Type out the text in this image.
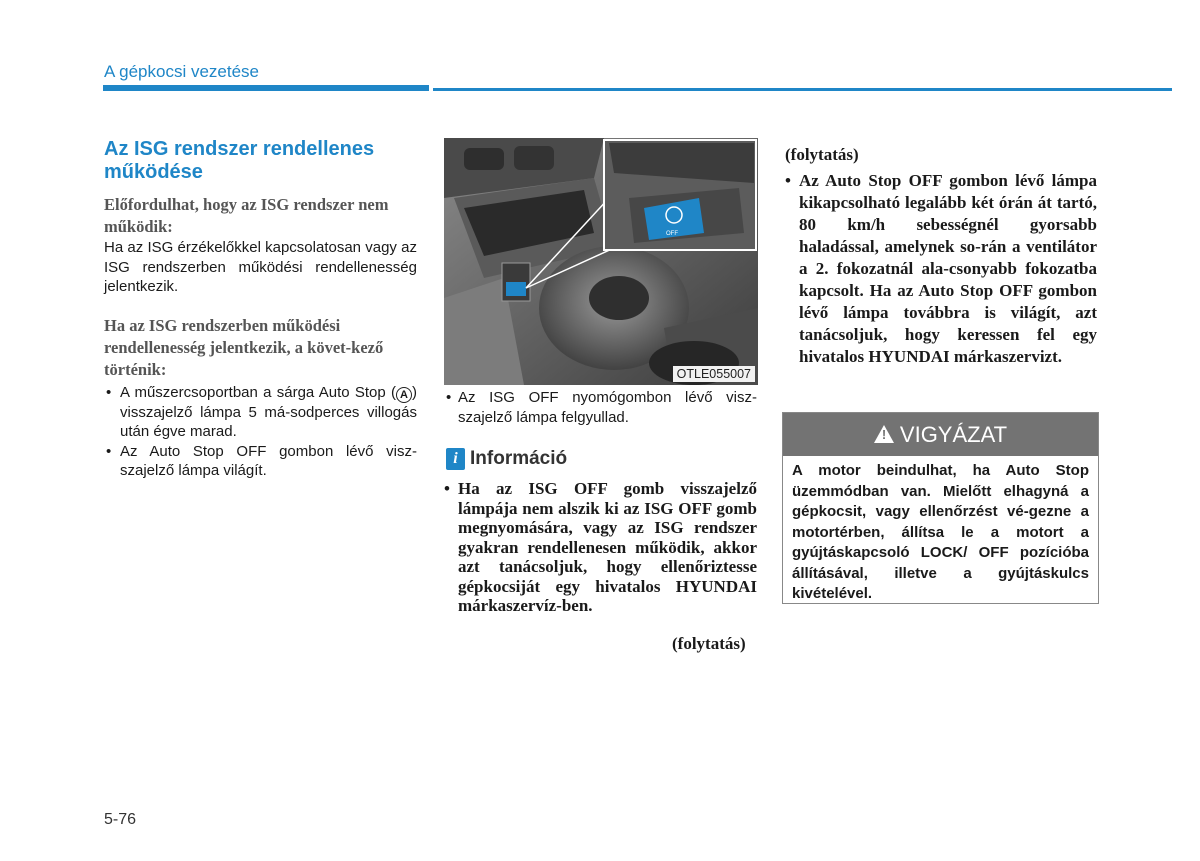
A gépkocsi vezetése
Az ISG rendszer rendellenes működése
Előfordulhat, hogy az ISG rendszer nem működik:
Ha az ISG érzékelőkkel kapcsolatosan vagy az ISG rendszerben működési rendellenesség jelentkezik.
Ha az ISG rendszerben működési rendellenesség jelentkezik, a követ-kező történik:
• A műszercsoportban a sárga Auto Stop ( A ) visszajelző lámpa 5 má-sodperces villogás után égve marad.
• Az Auto Stop OFF gombon lévő visz-szajelző lámpa világít.
OFF
OTLE055007
• Az ISG OFF nyomógombon lévő visz-szajelző lámpa felgyullad.
i Információ
• Ha az ISG OFF gomb visszajelző lámpája nem alszik ki az ISG OFF gomb megnyomására, vagy az ISG rendszer gyakran rendellenesen működik, akkor azt tanácsoljuk, hogy ellenőriztesse gépkocsiját egy hivatalos HYUNDAI márkaszervíz-ben.
(folytatás)
(folytatás)
• Az Auto Stop OFF gombon lévő lámpa kikapcsolható legalább két órán át tartó, 80 km/h sebességnél gyorsabb haladással, amelynek so-rán a ventilátor a 2. fokozatnál ala-csonyabb fokozatba kapcsolt. Ha az Auto Stop OFF gombon lévő lámpa továbbra is világít, azt tanácsoljuk, hogy keressen fel egy hivatalos HYUNDAI márkaszervizt.
! VIGYÁZAT
A motor beindulhat, ha Auto Stop üzemmódban van. Mielőtt elhagyná a gépkocsit, vagy ellenőrzést vé-gezne a motortérben, állítsa le a motort a gyújtáskapcsoló LOCK/ OFF pozícióba állításával, illetve a gyújtáskulcs kivételével.
5-76
